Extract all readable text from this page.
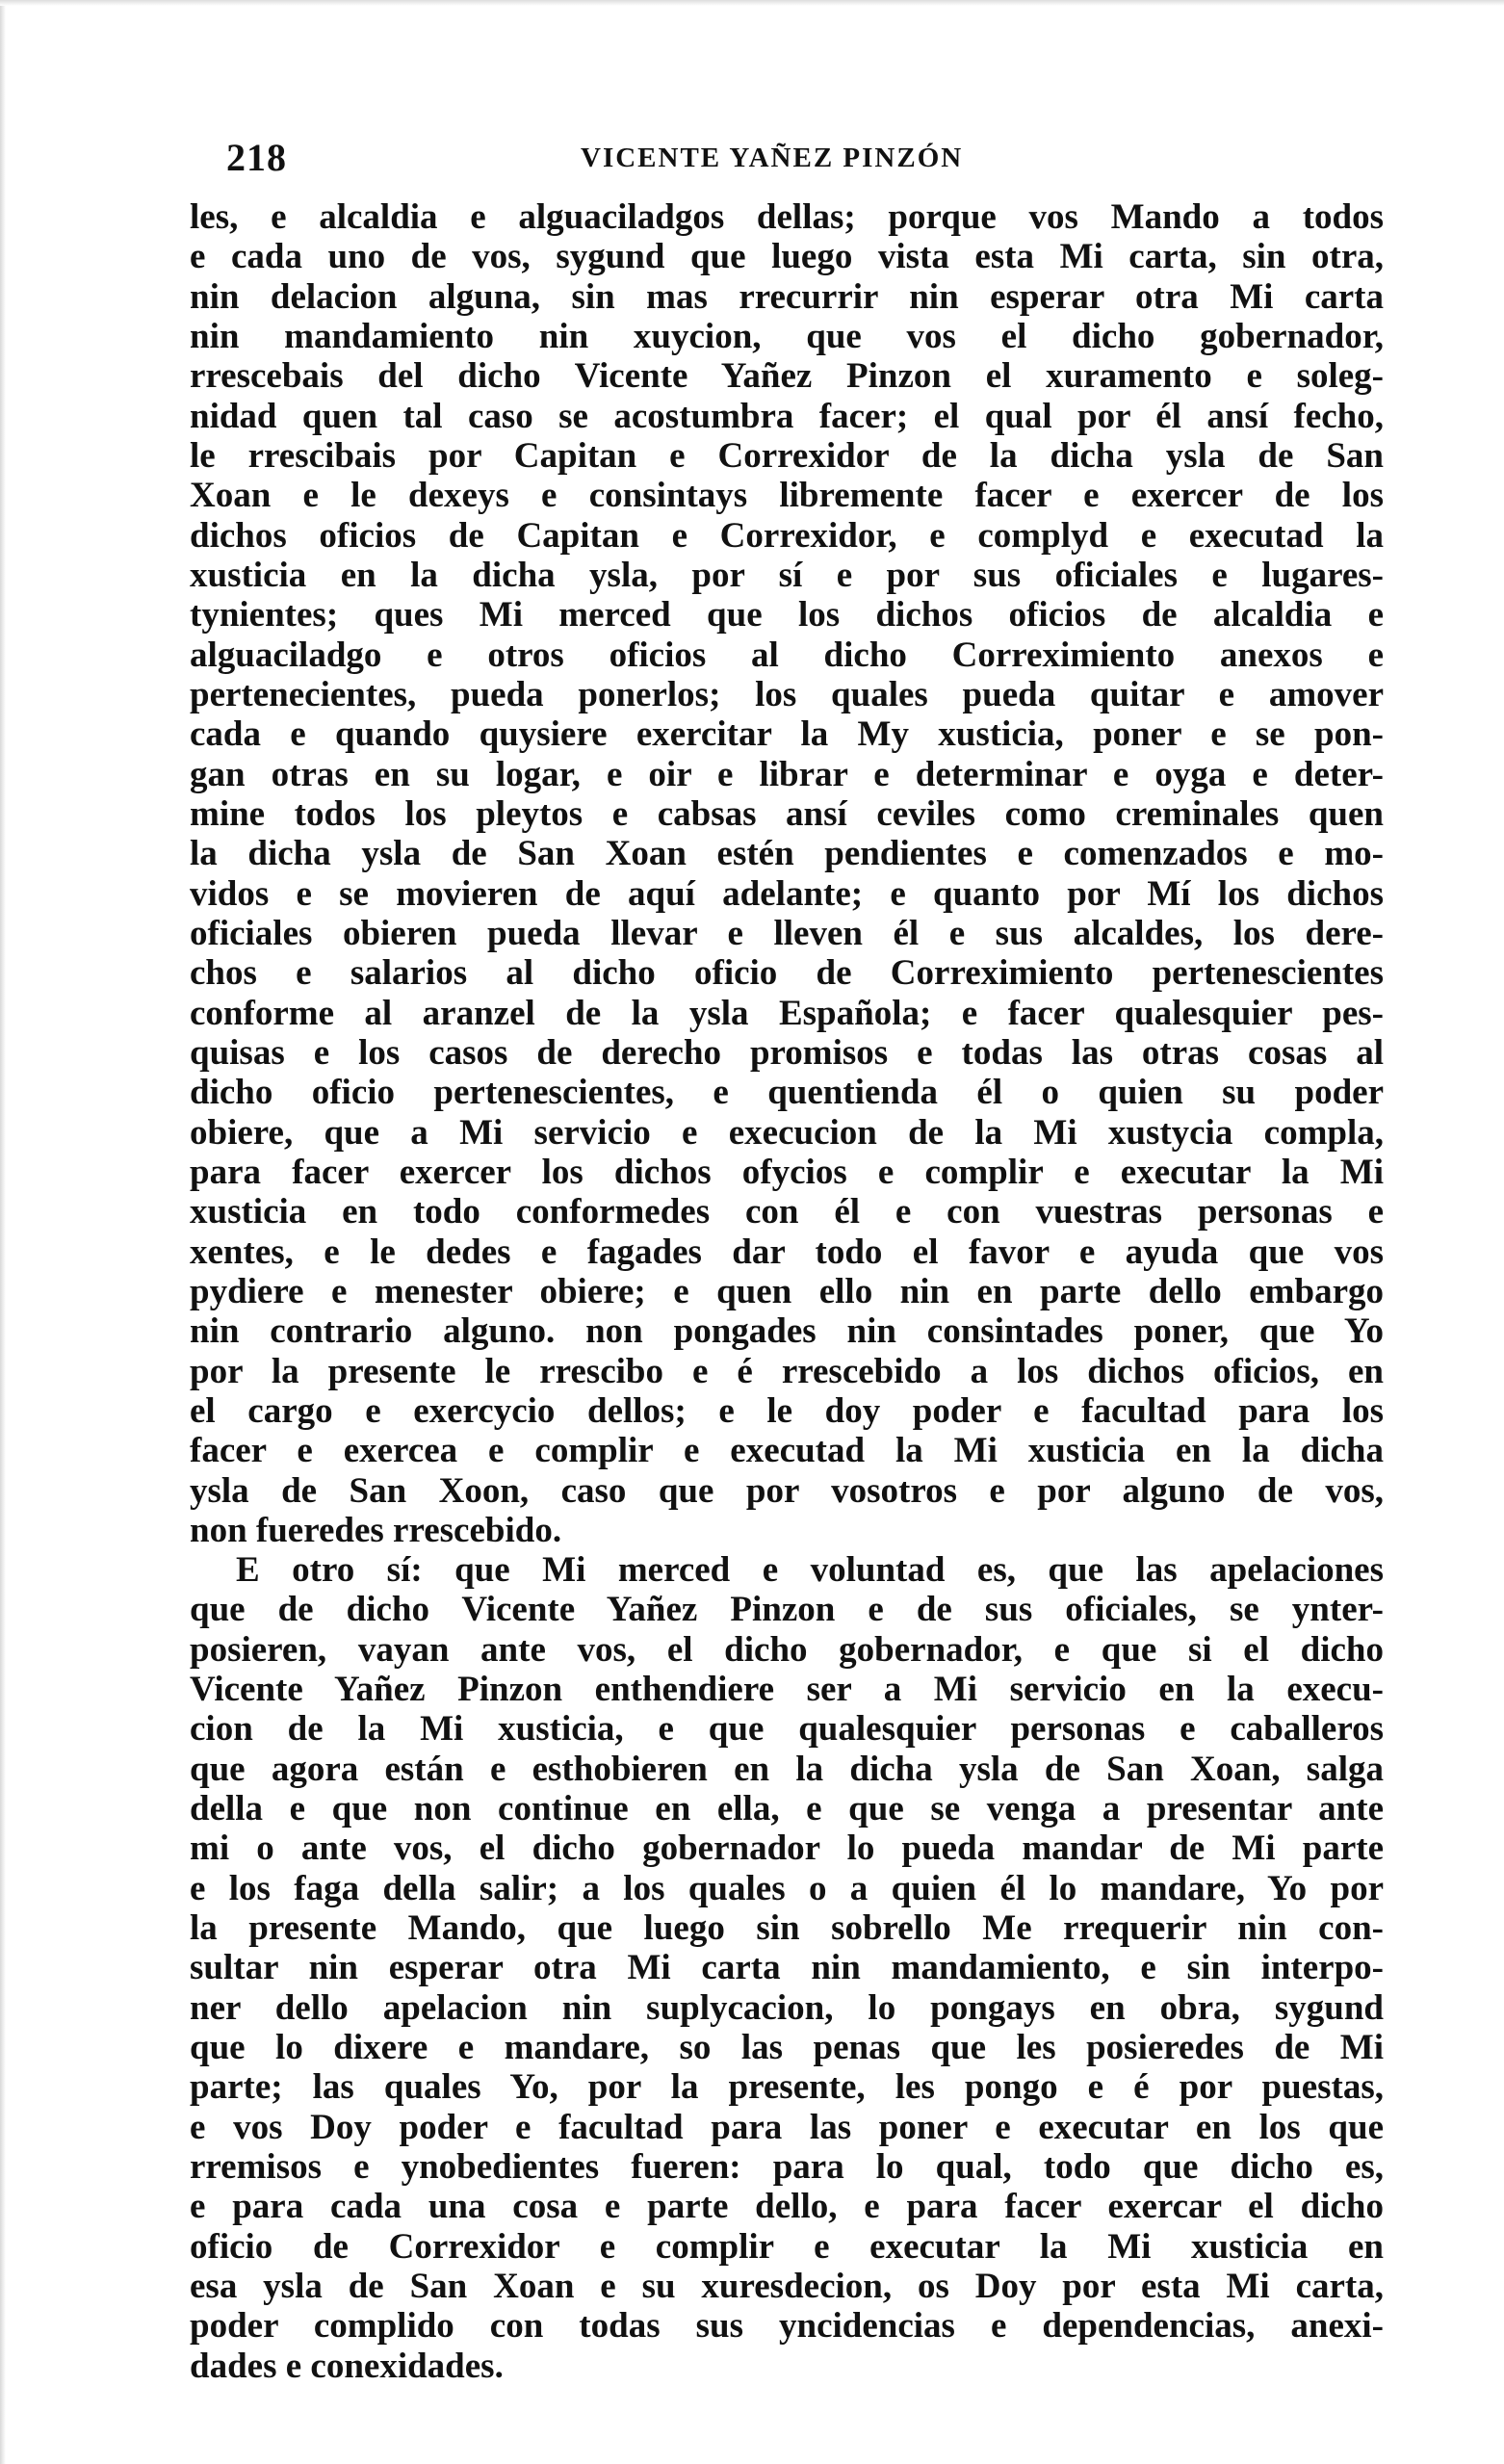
218	VICENTE YAÑEZ PINZÓN
les, e alcaldia e alguaciladgos dellas; porque vos Mando a todos
e cada uno de vos, sygund que luego vista esta Mi carta, sin otra,
nin delacion alguna, sin mas rrecurrir nin esperar otra Mi carta
nin mandamiento nin xuycion, que vos el dicho gobernador,
rrescebais del dicho Vicente Yañez Pinzon el xuramento e soleg-
nidad quen tal caso se acostumbra facer; el qual por él ansí fecho,
le rrescibais por Capitan e Correxidor de la dicha ysla de San
Xoan e le dexeys e consintays libremente facer e exercer de los
dichos oficios de Capitan e Correxidor, e complyd e executad la
xusticia en la dicha ysla, por sí e por sus oficiales e lugares-
tynientes; ques Mi merced que los dichos oficios de alcaldia e
alguaciladgo e otros oficios al dicho Correximiento anexos e
pertenecientes, pueda ponerlos; los quales pueda quitar e amover
cada e quando quysiere exercitar la My xusticia, poner e se pon-
gan otras en su logar, e oir e librar e determinar e oyga e deter-
mine todos los pleytos e cabsas ansí ceviles como creminales quen
la dicha ysla de San Xoan estén pendientes e comenzados e mo-
vidos e se movieren de aquí adelante; e quanto por Mí los dichos
oficiales obieren pueda llevar e lleven él e sus alcaldes, los dere-
chos e salarios al dicho oficio de Correximiento pertenescientes
conforme al aranzel de la ysla Española; e facer qualesquier pes-
quisas e los casos de derecho promisos e todas las otras cosas al
dicho oficio pertenescientes, e quentienda él o quien su poder
obiere, que a Mi servicio e execucion de la Mi xustycia compla,
para facer exercer los dichos ofycios e complir e executar la Mi
xusticia en todo conformedes con él e con vuestras personas e
xentes, e le dedes e fagades dar todo el favor e ayuda que vos
pydiere e menester obiere; e quen ello nin en parte dello embargo
nin contrario alguno. non pongades nin consintades poner, que Yo
por la presente le rrescibo e é rrescebido a los dichos oficios, en
el cargo e exercycio dellos; e le doy poder e facultad para los
facer e exercea e complir e executad la Mi xusticia en la dicha
ysla de San Xoon, caso que por vosotros e por alguno de vos,
non fueredes rrescebido.
E otro sí: que Mi merced e voluntad es, que las apelaciones
que de dicho Vicente Yañez Pinzon e de sus oficiales, se ynter-
posieren, vayan ante vos, el dicho gobernador, e que si el dicho
Vicente Yañez Pinzon enthendiere ser a Mi servicio en la execu-
cion de la Mi xusticia, e que qualesquier personas e caballeros
que agora están e esthobieren en la dicha ysla de San Xoan, salga
della e que non continue en ella, e que se venga a presentar ante
mi o ante vos, el dicho gobernador lo pueda mandar de Mi parte
e los faga della salir; a los quales o a quien él lo mandare, Yo por
la presente Mando, que luego sin sobrello Me rrequerir nin con-
sultar nin esperar otra Mi carta nin mandamiento, e sin interpo-
ner dello apelacion nin suplycacion, lo pongays en obra, sygund
que lo dixere e mandare, so las penas que les posieredes de Mi
parte; las quales Yo, por la presente, les pongo e é por puestas,
e vos Doy poder e facultad para las poner e executar en los que
rremisos e ynobedientes fueren: para lo qual, todo que dicho es,
e para cada una cosa e parte dello, e para facer exercar el dicho
oficio de Correxidor e complir e executar la Mi xusticia en
esa ysla de San Xoan e su xuresdecion, os Doy por esta Mi carta,
poder complido con todas sus yncidencias e dependencias, anexi-
dades e conexidades.
